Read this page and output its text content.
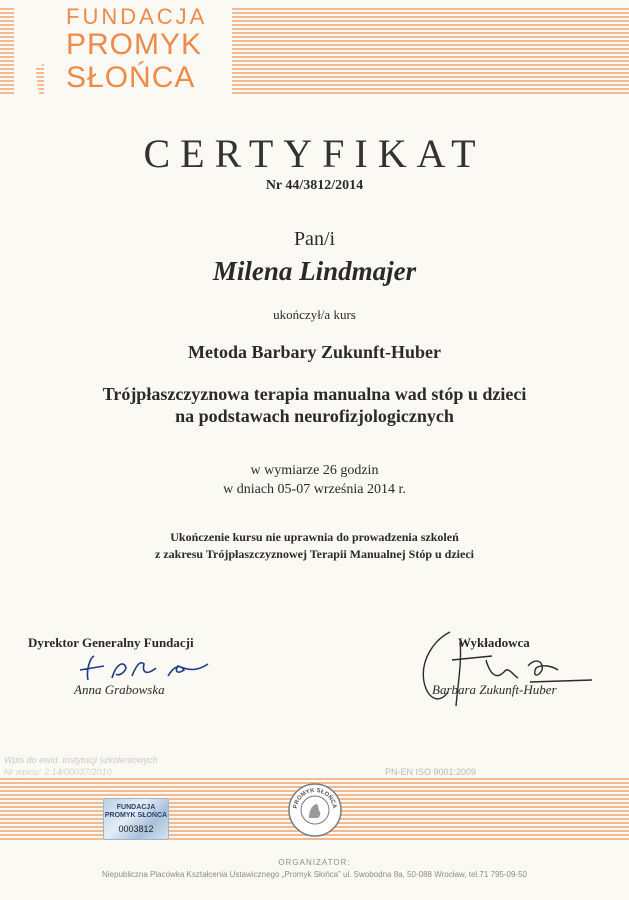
FUNDACJA
PROMYK
SŁOŃCA
CERTYFIKAT
Nr 44/3812/2014
Pan/i
Milena Lindmajer
ukończył/a kurs
Metoda Barbary Zukunft-Huber
Trójpłaszczyznowa terapia manualna wad stóp u dzieci
na podstawach neurofizjologicznych
w wymiarze 26 godzin
w dniach 05-07 września 2014 r.
Ukończenie kursu nie uprawnia do prowadzenia szkoleń
z zakresu Trójpłaszczyznowej Terapii Manualnej Stóp u dzieci
Dyrektor Generalny Fundacji
Anna Grabowska
Wykładowca
Barbara Zukunft-Huber
Wpis do ewid. instytucji szkoleniowych
Nr wpisu: 2.14/00037/2010	PN-EN ISO 9001:2009
FUNDACJA
PROMYK SŁOŃCA
0003812
PROMYK SŁOŃCA
ORGANIZATOR:
Niepubliczna Placówka Kształcenia Ustawicznego „Promyk Słońca” ul. Swobodna 8a, 50-088 Wrocław, tel.71 795-09-50
